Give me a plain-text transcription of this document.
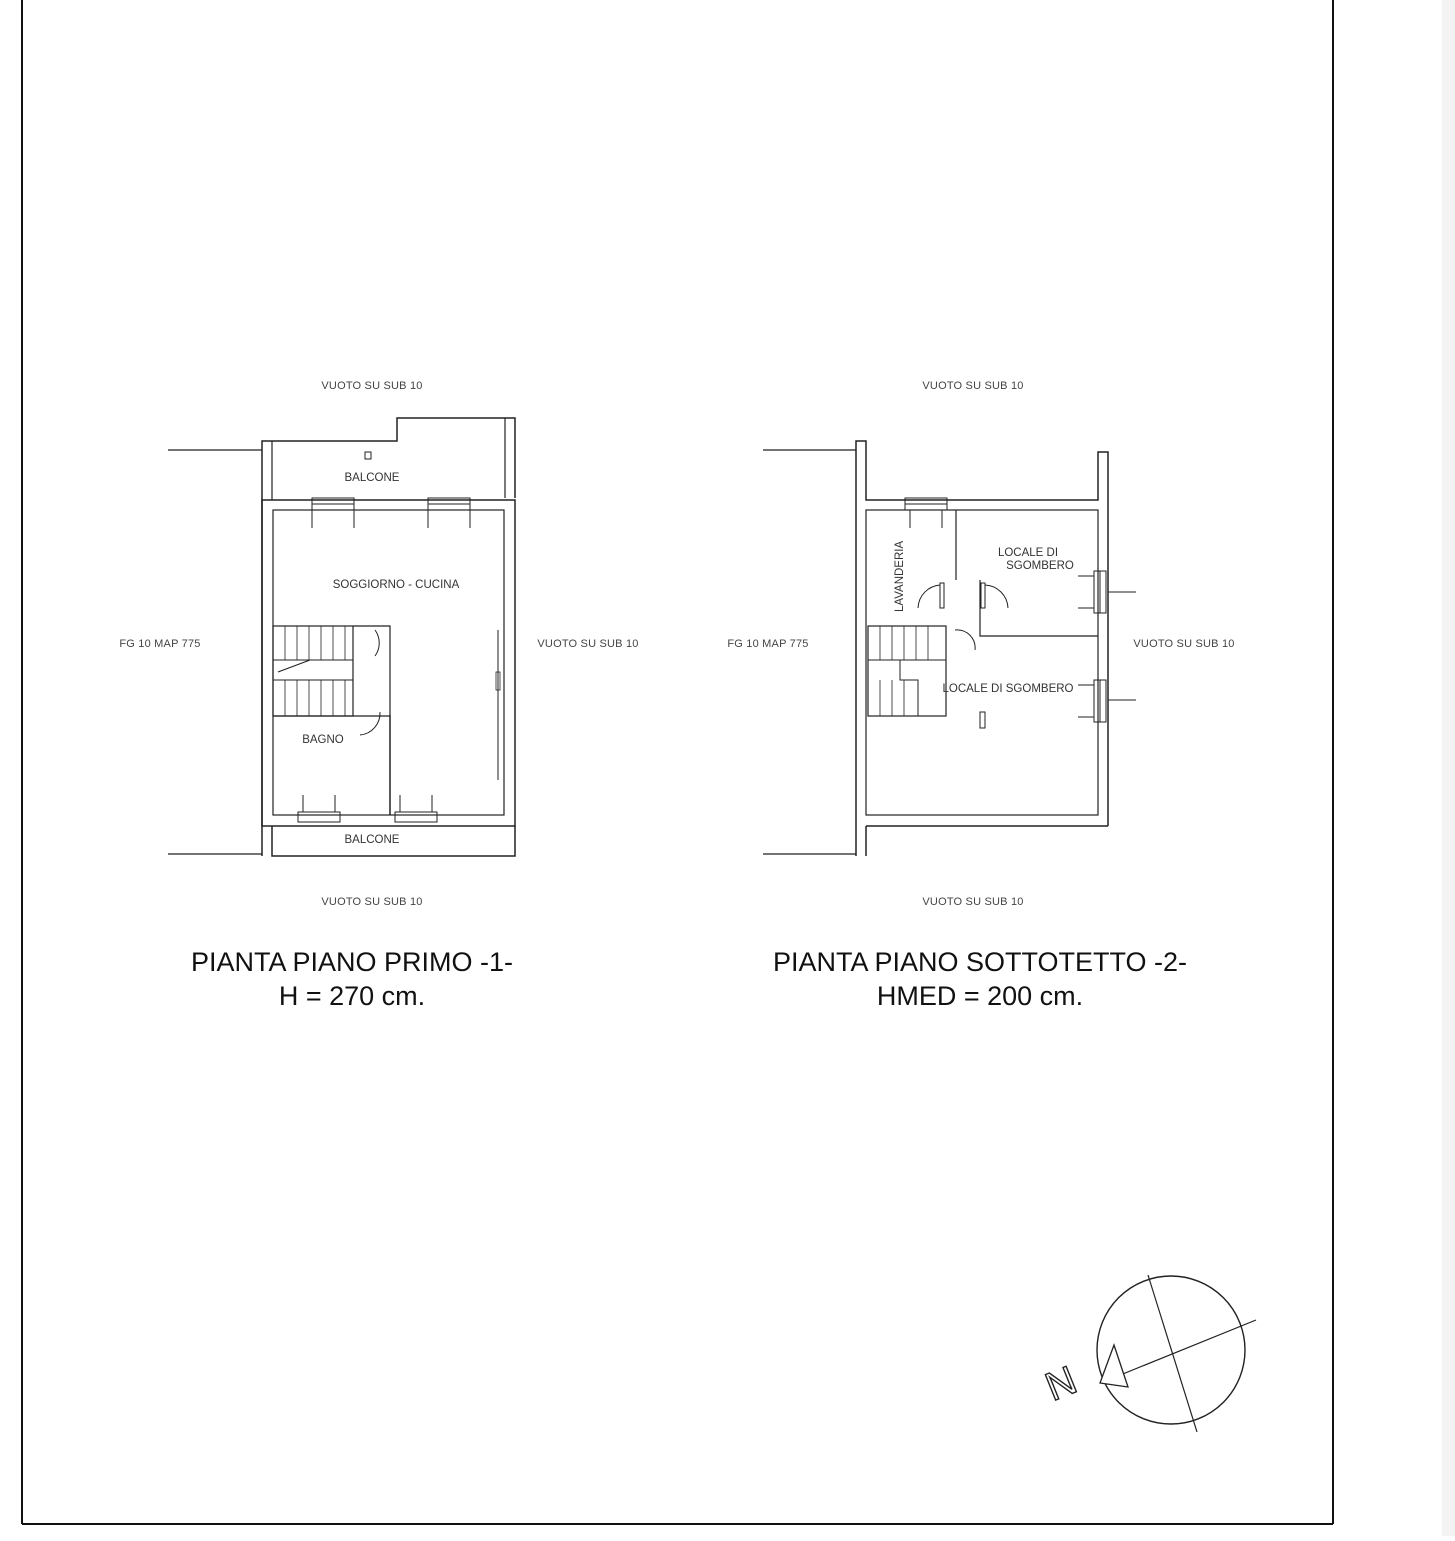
VUOTO SU SUB 10
VUOTO SU SUB 10
FG 10 MAP 775	VUOTO SU SUB 10
BALCONE
SOGGIORNO - CUCINA
BAGNO
BALCONE
PIANTA PIANO PRIMO -1-
H = 270 cm.
VUOTO SU SUB 10
VUOTO SU SUB 10
FG 10 MAP 775	VUOTO SU SUB 10
LAVANDERIA	LOCALE DI
SGOMBERO
LOCALE DI SGOMBERO
PIANTA PIANO SOTTOTETTO -2-
HMED = 200 cm.
N
